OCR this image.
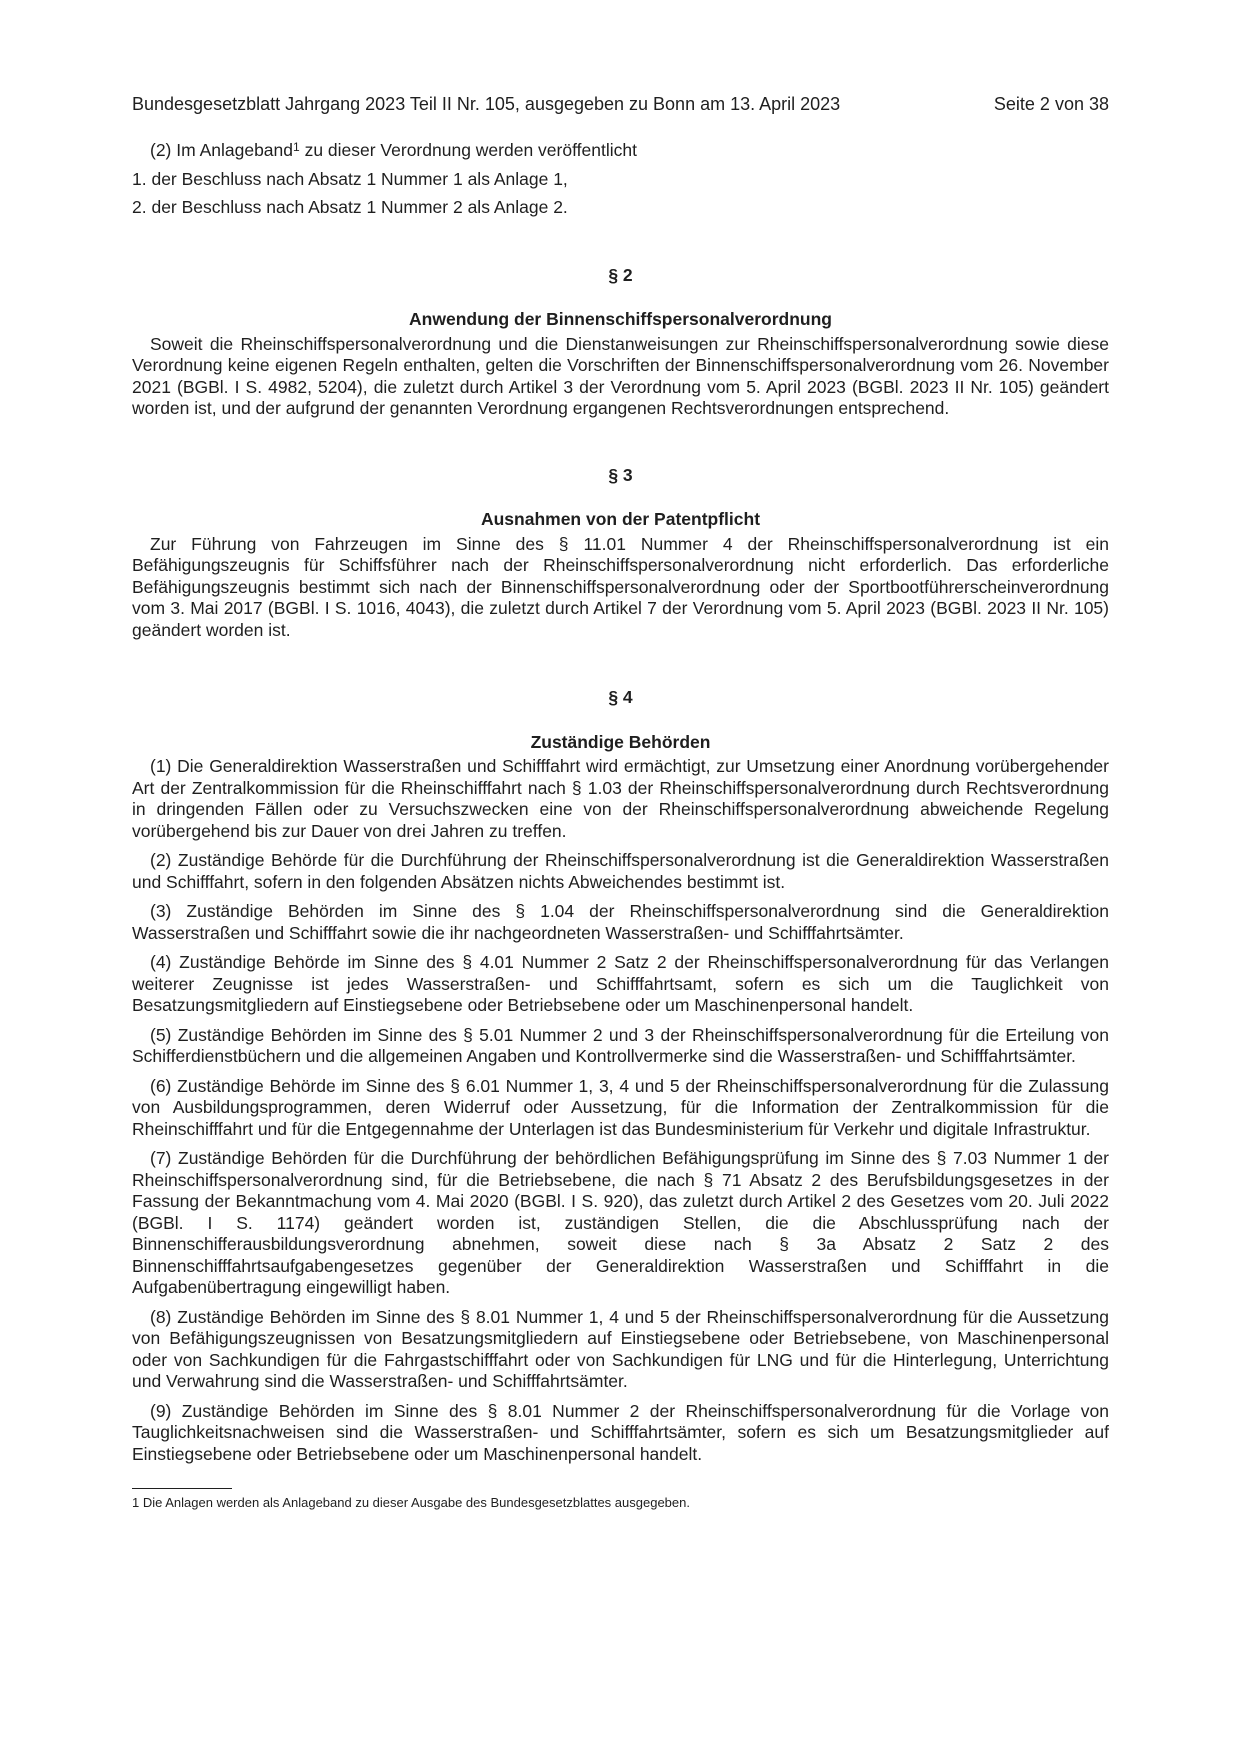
Bundesgesetzblatt Jahrgang 2023 Teil II Nr. 105, ausgegeben zu Bonn am 13. April 2023	Seite 2 von 38

(2) Im Anlageband$^1$ zu dieser Verordnung werden veröffentlicht

1. der Beschluss nach Absatz 1 Nummer 1 als Anlage 1,

2. der Beschluss nach Absatz 1 Nummer 2 als Anlage 2.

§ 2

Anwendung der Binnenschiffspersonalverordnung

Soweit die Rheinschiffspersonalverordnung und die Dienstanweisungen zur Rheinschiffspersonalverordnung sowie diese Verordnung keine eigenen Regeln enthalten, gelten die Vorschriften der Binnenschiffspersonalverordnung vom 26. November 2021 (BGBl. I S. 4982, 5204), die zuletzt durch Artikel 3 der Verordnung vom 5. April 2023 (BGBl. 2023 II Nr. 105) geändert worden ist, und der aufgrund der genannten Verordnung ergangenen Rechtsverordnungen entsprechend.

§ 3

Ausnahmen von der Patentpflicht

Zur Führung von Fahrzeugen im Sinne des § 11.01 Nummer 4 der Rheinschiffspersonalverordnung ist ein Befähigungszeugnis für Schiffsführer nach der Rheinschiffspersonalverordnung nicht erforderlich. Das erforderliche Befähigungszeugnis bestimmt sich nach der Binnenschiffspersonalverordnung oder der Sportbootführerscheinverordnung vom 3. Mai 2017 (BGBl. I S. 1016, 4043), die zuletzt durch Artikel 7 der Verordnung vom 5. April 2023 (BGBl. 2023 II Nr. 105) geändert worden ist.

§ 4

Zuständige Behörden

(1) Die Generaldirektion Wasserstraßen und Schifffahrt wird ermächtigt, zur Umsetzung einer Anordnung vorübergehender Art der Zentralkommission für die Rheinschifffahrt nach § 1.03 der Rheinschiffspersonalverordnung durch Rechtsverordnung in dringenden Fällen oder zu Versuchszwecken eine von der Rheinschiffspersonalverordnung abweichende Regelung vorübergehend bis zur Dauer von drei Jahren zu treffen.

(2) Zuständige Behörde für die Durchführung der Rheinschiffspersonalverordnung ist die Generaldirektion Wasserstraßen und Schifffahrt, sofern in den folgenden Absätzen nichts Abweichendes bestimmt ist.

(3) Zuständige Behörden im Sinne des § 1.04 der Rheinschiffspersonalverordnung sind die Generaldirektion Wasserstraßen und Schifffahrt sowie die ihr nachgeordneten Wasserstraßen- und Schifffahrtsämter.

(4) Zuständige Behörde im Sinne des § 4.01 Nummer 2 Satz 2 der Rheinschiffspersonalverordnung für das Verlangen weiterer Zeugnisse ist jedes Wasserstraßen- und Schifffahrtsamt, sofern es sich um die Tauglichkeit von Besatzungsmitgliedern auf Einstiegsebene oder Betriebsebene oder um Maschinenpersonal handelt.

(5) Zuständige Behörden im Sinne des § 5.01 Nummer 2 und 3 der Rheinschiffspersonalverordnung für die Erteilung von Schifferdienstbüchern und die allgemeinen Angaben und Kontrollvermerke sind die Wasserstraßen- und Schifffahrtsämter.

(6) Zuständige Behörde im Sinne des § 6.01 Nummer 1, 3, 4 und 5 der Rheinschiffspersonalverordnung für die Zulassung von Ausbildungsprogrammen, deren Widerruf oder Aussetzung, für die Information der Zentralkommission für die Rheinschifffahrt und für die Entgegennahme der Unterlagen ist das Bundesministerium für Verkehr und digitale Infrastruktur.

(7) Zuständige Behörden für die Durchführung der behördlichen Befähigungsprüfung im Sinne des § 7.03 Nummer 1 der Rheinschiffspersonalverordnung sind, für die Betriebsebene, die nach § 71 Absatz 2 des Berufsbildungsgesetzes in der Fassung der Bekanntmachung vom 4. Mai 2020 (BGBl. I S. 920), das zuletzt durch Artikel 2 des Gesetzes vom 20. Juli 2022 (BGBl. I S. 1174) geändert worden ist, zuständigen Stellen, die die Abschlussprüfung nach der Binnenschifferausbildungsverordnung abnehmen, soweit diese nach § 3a Absatz 2 Satz 2 des Binnenschifffahrtsaufgabengesetzes gegenüber der Generaldirektion Wasserstraßen und Schifffahrt in die Aufgabenübertragung eingewilligt haben.

(8) Zuständige Behörden im Sinne des § 8.01 Nummer 1, 4 und 5 der Rheinschiffspersonalverordnung für die Aussetzung von Befähigungszeugnissen von Besatzungsmitgliedern auf Einstiegsebene oder Betriebsebene, von Maschinenpersonal oder von Sachkundigen für die Fahrgastschifffahrt oder von Sachkundigen für LNG und für die Hinterlegung, Unterrichtung und Verwahrung sind die Wasserstraßen- und Schifffahrtsämter.

(9) Zuständige Behörden im Sinne des § 8.01 Nummer 2 der Rheinschiffspersonalverordnung für die Vorlage von Tauglichkeitsnachweisen sind die Wasserstraßen- und Schifffahrtsämter, sofern es sich um Besatzungsmitglieder auf Einstiegsebene oder Betriebsebene oder um Maschinenpersonal handelt.

1 Die Anlagen werden als Anlageband zu dieser Ausgabe des Bundesgesetzblattes ausgegeben.
